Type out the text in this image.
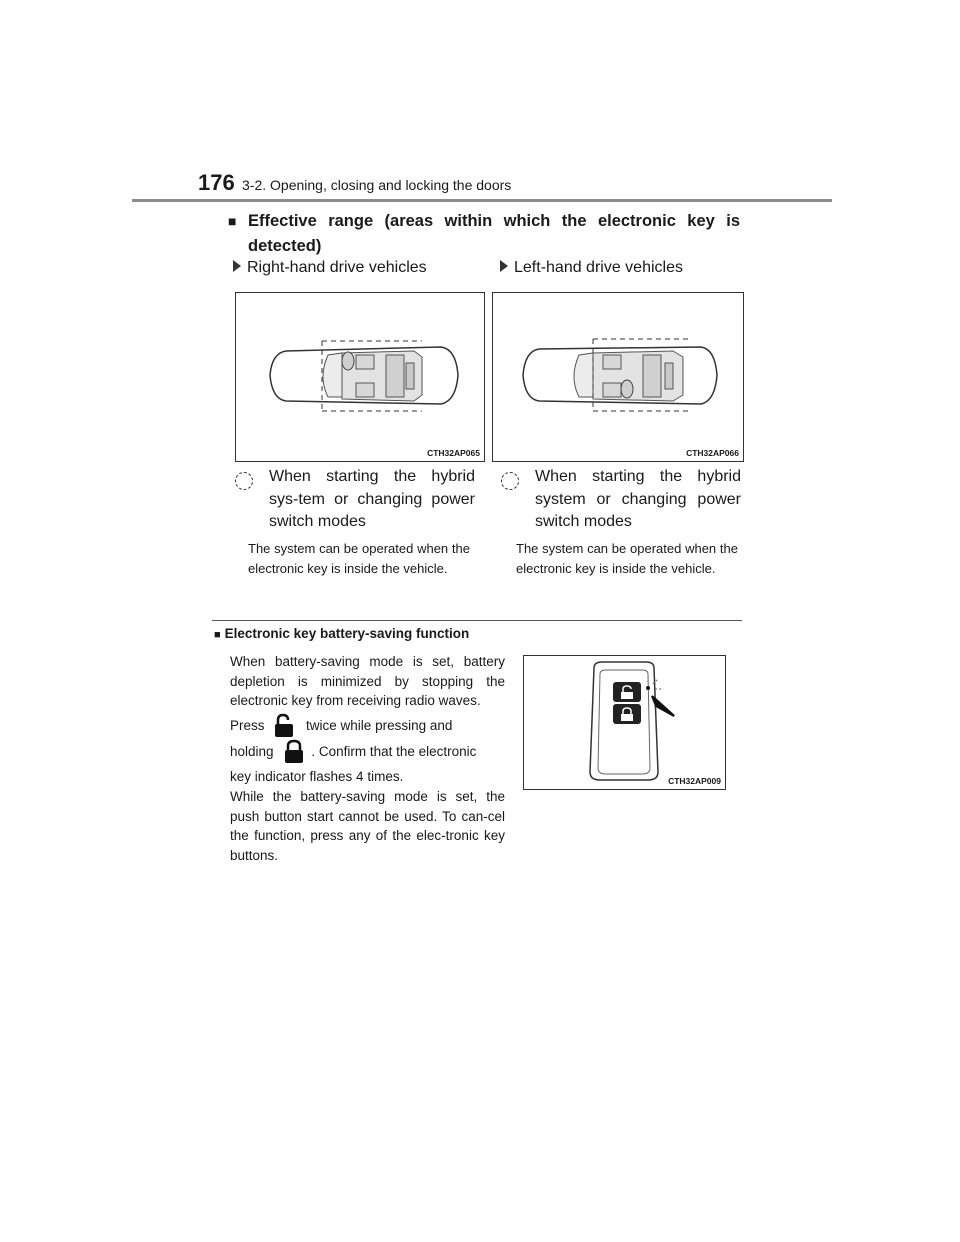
176 3-2. Opening, closing and locking the doors
■ Effective range (areas within which the electronic key is detected)
Right-hand drive vehicles	Left-hand drive vehicles
CTH32AP065	CTH32AP066
When starting the hybrid sys-tem or changing power switch modes
When starting the hybrid system or changing power switch modes
The system can be operated when the electronic key is inside the vehicle.
The system can be operated when the electronic key is inside the vehicle.
■ Electronic key battery-saving function
When battery-saving mode is set, battery depletion is minimized by stopping the electronic key from receiving radio waves.
Press	twice while pressing and
holding	. Confirm that the electronic
key indicator flashes 4 times.
While the battery-saving mode is set, the push button start cannot be used. To can-cel the function, press any of the elec-tronic key buttons.
CTH32AP009
